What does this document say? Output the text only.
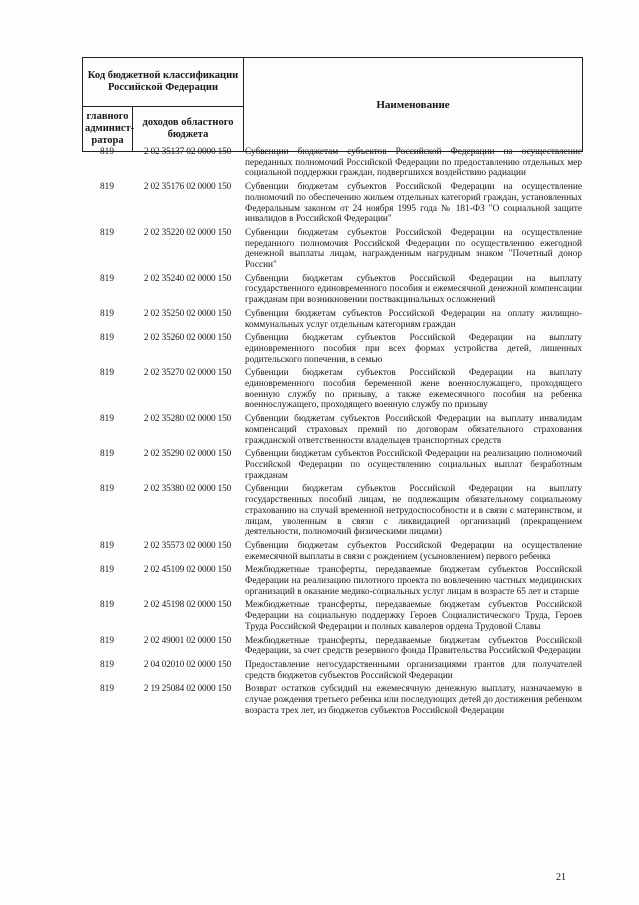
Код бюджетной классификации Российской Федерации		Наименование
главного админист-ратора	доходов областного бюджета	
819	2 02 35137 02 0000 150	Субвенции бюджетам субъектов Российской Федерации на осуществление переданных полномочий Российской Федерации по предоставлению отдельных мер социальной поддержки граждан, подвергшихся воздействию радиации
819	2 02 35176 02 0000 150	Субвенции бюджетам субъектов Российской Федерации на осуществление полномочий по обеспечению жильем отдельных категорий граждан, установленных Федеральным законом от 24 ноября 1995 года № 181-ФЗ "О социальной защите инвалидов в Российской Федерации"
819	2 02 35220 02 0000 150	Субвенции бюджетам субъектов Российской Федерации на осуществление переданного полномочия Российской Федерации по осуществлению ежегодной денежной выплаты лицам, награжденным нагрудным знаком "Почетный донор России"
819	2 02 35240 02 0000 150	Субвенции бюджетам субъектов Российской Федерации на выплату государственного единовременного пособия и ежемесячной денежной компенсации гражданам при возникновении поствакцинальных осложнений
819	2 02 35250 02 0000 150	Субвенции бюджетам субъектов Российской Федерации на оплату жилищно-коммунальных услуг отдельным категориям граждан
819	2 02 35260 02 0000 150	Субвенции бюджетам субъектов Российской Федерации на выплату единовременного пособия при всех формах устройства детей, лишенных родительского попечения, в семью
819	2 02 35270 02 0000 150	Субвенции бюджетам субъектов Российской Федерации на выплату единовременного пособия беременной жене военнослужащего, проходящего военную службу по призыву, а также ежемесячного пособия на ребенка военнослужащего, проходящего военную службу по призыву
819	2 02 35280 02 0000 150	Субвенции бюджетам субъектов Российской Федерации на выплату инвалидам компенсаций страховых премий по договорам обязательного страхования гражданской ответственности владельцев транспортных средств
819	2 02 35290 02 0000 150	Субвенции бюджетам субъектов Российской Федерации на реализацию полномочий Российской Федерации по осуществлению социальных выплат безработным гражданам
819	2 02 35380 02 0000 150	Субвенции бюджетам субъектов Российской Федерации на выплату государственных пособий лицам, не подлежащим обязательному социальному страхованию на случай временной нетрудоспособности и в связи с материнством, и лицам, уволенным в связи с ликвидацией организаций (прекращением деятельности, полномочий физическими лицами)
819	2 02 35573 02 0000 150	Субвенции бюджетам субъектов Российской Федерации на осуществление ежемесячной выплаты в связи с рождением (усыновлением) первого ребенка
819	2 02 45109 02 0000 150	Межбюджетные трансферты, передаваемые бюджетам субъектов Российской Федерации на реализацию пилотного проекта по вовлечению частных медицинских организаций в оказание медико-социальных услуг лицам в возрасте 65 лет и старше
819	2 02 45198 02 0000 150	Межбюджетные трансферты, передаваемые бюджетам субъектов Российской Федерации на социальную поддержку Героев Социалистического Труда, Героев Труда Российской Федерации и полных кавалеров ордена Трудовой Славы
819	2 02 49001 02 0000 150	Межбюджетные трансферты, передаваемые бюджетам субъектов Российской Федерации, за счет средств резервного фонда Правительства Российской Федерации
819	2 04 02010 02 0000 150	Предоставление негосударственными организациями грантов для получателей средств бюджетов субъектов Российской Федерации
819	2 19 25084 02 0000 150	Возврат остатков субсидий на ежемесячную денежную выплату, назначаемую в случае рождения третьего ребенка или последующих детей до достижения ребенком возраста трех лет, из бюджетов субъектов Российской Федерации
21
